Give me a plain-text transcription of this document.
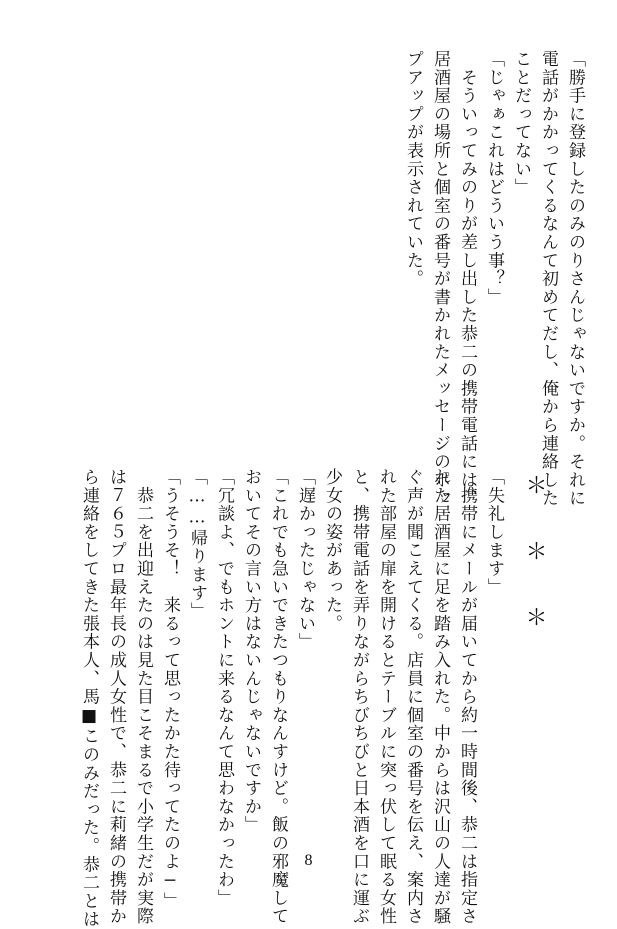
「勝手に登録したのみのりさんじゃないですか。それに
電話がかかってくるなんて初めてだし、俺から連絡した
ことだってない」
「じゃぁこれはどういう事？」
　そういってみのりが差し出した恭二の携帯電話には、
居酒屋の場所と個室の番号が書かれたメッセージのポッ
プアップが表示されていた。
＊＊＊
「失礼します」
　携帯にメールが届いてから約一時間後、恭二は指定さ
れた居酒屋に足を踏み入れた。中からは沢山の人達が騒
ぐ声が聞こえてくる。店員に個室の番号を伝え、案内さ
れた部屋の扉を開けるとテーブルに突っ伏して眠る女性
と、携帯電話を弄りながらちびちびと日本酒を口に運ぶ
少女の姿があった。
「遅かったじゃない」
「これでも急いできたつもりなんすけど。飯の邪魔して
おいてその言い方はないんじゃないですか」
「冗談よ、でもホントに来るなんて思わなかったわ」
「……帰ります」
「うそうそ！　来るって思ったかた待ってたのよ−」
　恭二を出迎えたのは見た目こそまるで小学生だが実際
は７６５プロ最年長の成人女性で、恭二に莉緒の携帯か
ら連絡をしてきた張本人、馬■このみだった。恭二とは	8
